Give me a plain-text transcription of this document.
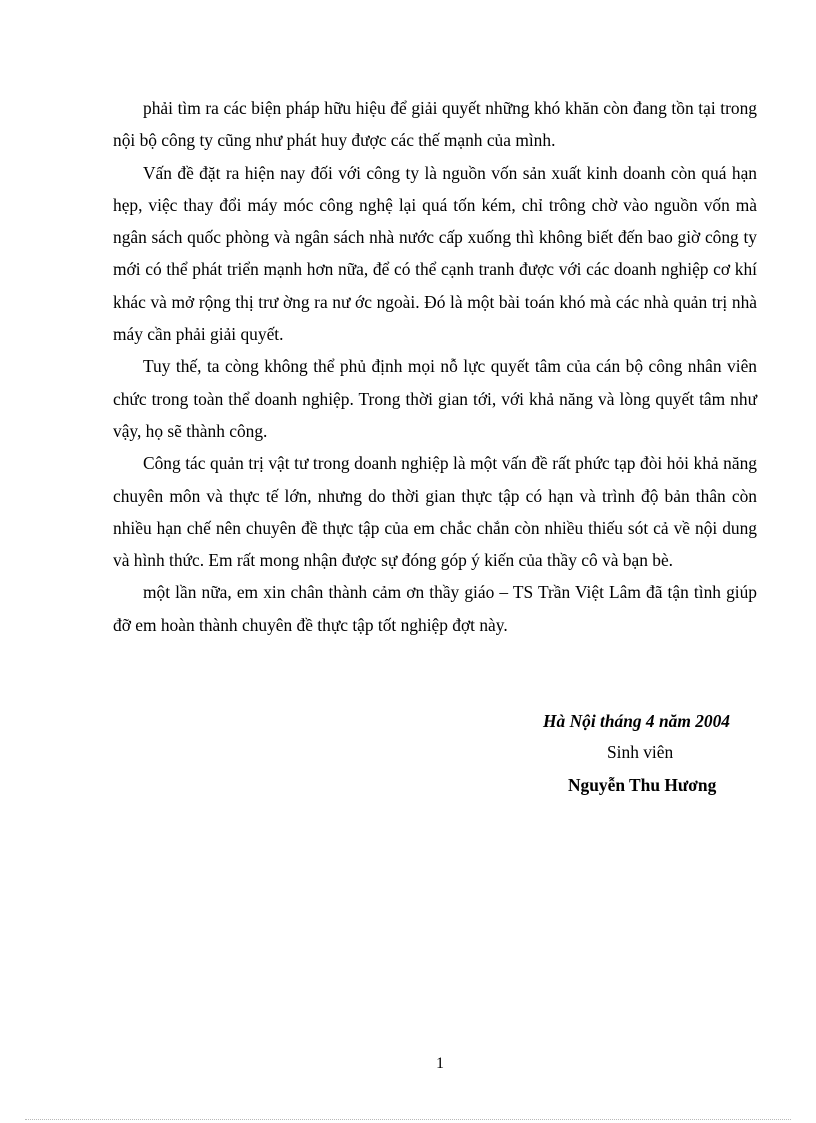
phải tìm ra các biện pháp hữu hiệu để giải quyết những khó khăn còn đang tồn tại trong nội bộ công ty cũng như phát huy được các thế mạnh của mình.

Vấn đề đặt ra hiện nay đối với công ty là nguồn vốn sản xuất kinh doanh còn quá hạn hẹp, việc thay đổi máy móc công nghệ lại quá tốn kém, chỉ trông chờ vào nguồn vốn mà ngân sách quốc phòng và ngân sách nhà nước cấp xuống thì không biết đến bao giờ công ty mới có thể phát triển mạnh hơn nữa, để có thể cạnh tranh được với các doanh nghiệp cơ khí khác và mở rộng thị trư ờng ra nư ớc ngoài. Đó là một bài toán khó mà các nhà quản trị nhà máy cần phải giải quyết.

Tuy thế, ta còng không thể phủ định mọi nỗ lực quyết tâm của cán bộ công nhân viên chức trong toàn thể doanh nghiệp. Trong thời gian tới, với khả năng và lòng quyết tâm như vậy, họ sẽ thành công.

Công tác quản trị vật tư trong doanh nghiệp là một vấn đề rất phức tạp đòi hỏi khả năng chuyên môn và thực tế lớn, nhưng do thời gian thực tập có hạn và trình độ bản thân còn nhiều hạn chế nên chuyên đề thực tập của em chắc chắn còn nhiều thiếu sót cả về nội dung và hình thức. Em rất mong nhận được sự đóng góp ý kiến của thầy cô và bạn bè.

một lần nữa, em xin chân thành cảm ơn thầy giáo – TS Trần Việt Lâm đã tận tình giúp đỡ em hoàn thành chuyên đề thực tập tốt nghiệp đợt này.

Hà Nội tháng 4 năm 2004
Sinh viên
Nguyễn Thu Hương
1
